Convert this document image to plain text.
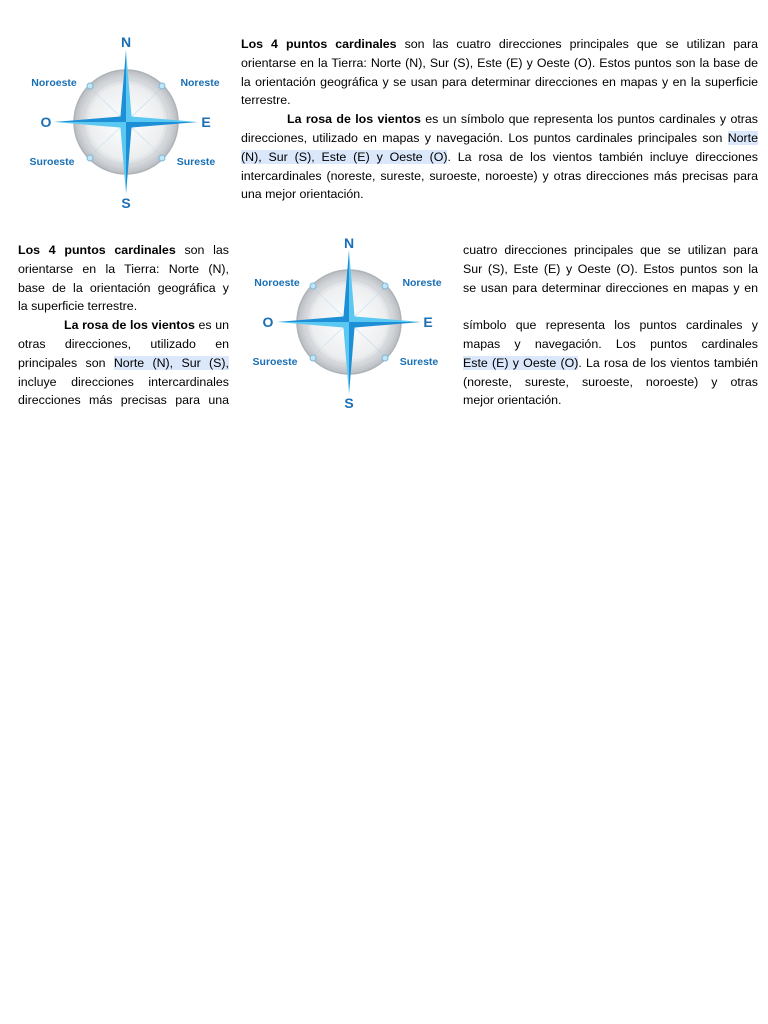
N
S
E
O
Noroeste	Noreste
Suroeste	Sureste

Los 4 puntos cardinales son las cuatro direcciones principales que se utilizan para orientarse en la Tierra: Norte (N), Sur (S), Este (E) y Oeste (O). Estos puntos son la base de la orientación geográfica y se usan para determinar direcciones en mapas y en la superficie terrestre.

La rosa de los vientos es un símbolo que representa los puntos cardinales y otras direcciones, utilizado en mapas y navegación. Los puntos cardinales principales son Norte (N), Sur (S), Este (E) y Oeste (O). La rosa de los vientos también incluye direcciones intercardinales (noreste, sureste, suroeste, noroeste) y otras direcciones más precisas para una mejor orientación.

Los 4 puntos cardinales son las
orientarse en la Tierra: Norte (N),
base de la orientación geográfica y
la superficie terrestre.
La rosa de los vientos es un
otras direcciones, utilizado en
principales son Norte (N), Sur (S),
incluye direcciones intercardinales
direcciones más precisas para una
N
S
E
O
Noroeste	Noreste
Suroeste	Sureste
cuatro direcciones principales que se utilizan para
Sur (S), Este (E) y Oeste (O). Estos puntos son la
se usan para determinar direcciones en mapas y en
símbolo que representa los puntos cardinales y
mapas y navegación. Los puntos cardinales
Este (E) y Oeste (O). La rosa de los vientos también
(noreste, sureste, suroeste, noroeste) y otras
mejor orientación.
